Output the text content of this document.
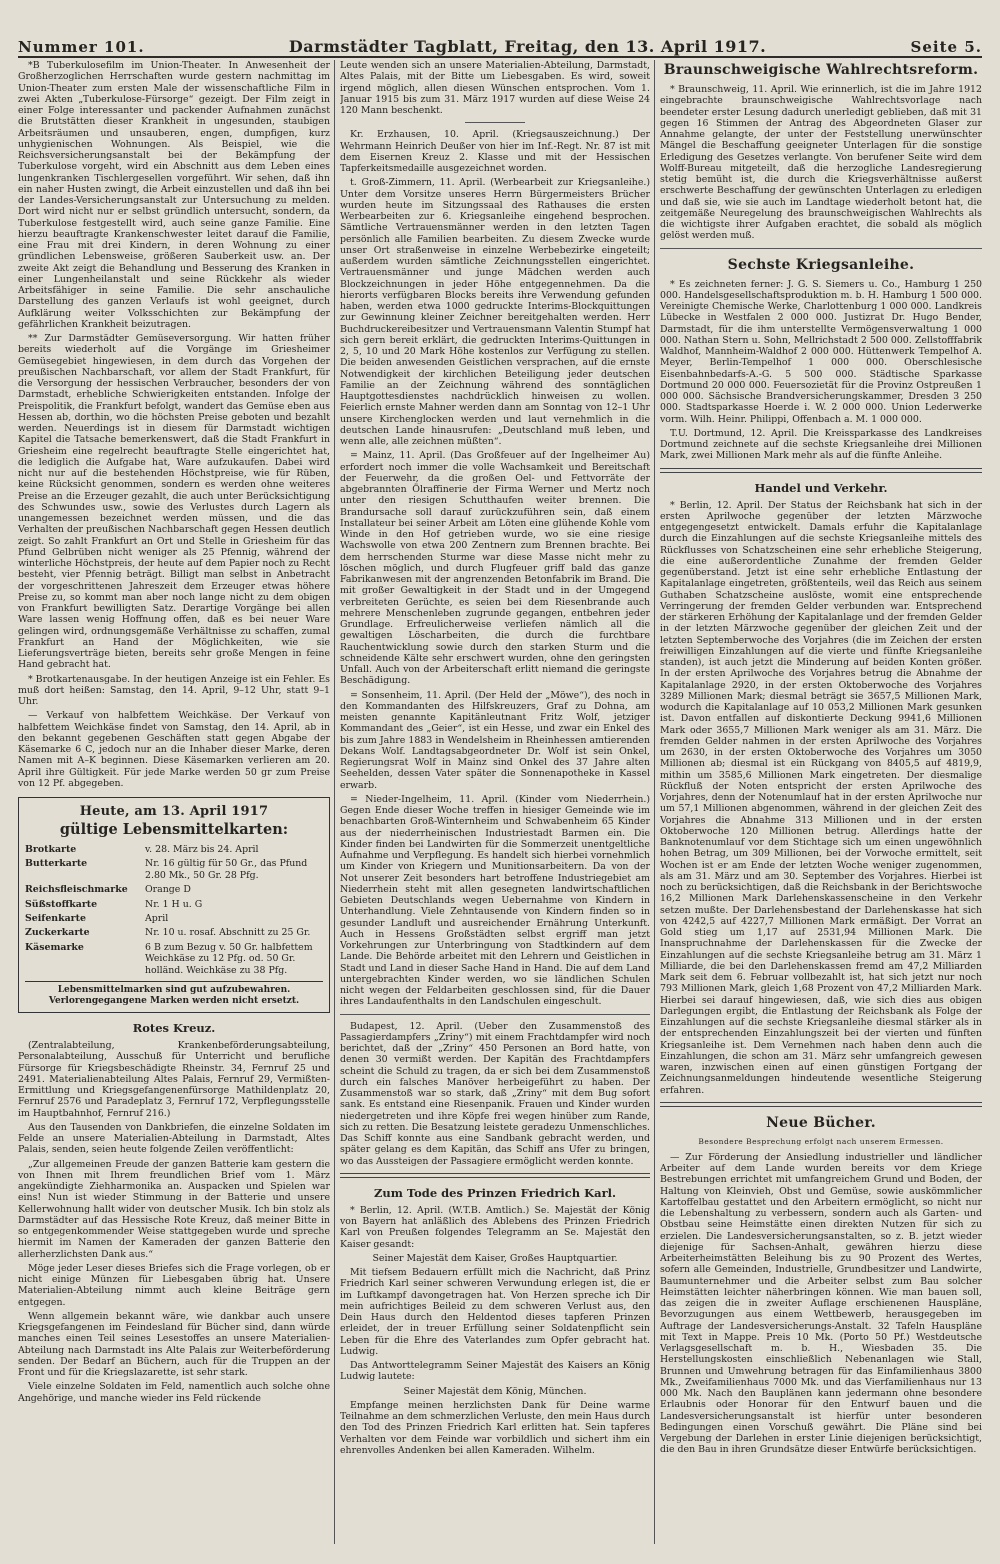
Nummer 101.	Darmstädter Tagblatt, Freitag, den 13. April 1917.	Seite 5.

*B Tuberkulosefilm im Union-Theater. In Anwesenheit der Großherzoglichen Herrschaften wurde gestern nachmittag im Union-Theater zum ersten Male der wissenschaftliche Film in zwei Akten „Tuberkulose-Fürsorge“ gezeigt. Der Film zeigt in einer Folge interessanter und packender Aufnahmen zunächst die Brutstätten dieser Krankheit in ungesunden, staubigen Arbeitsräumen und unsauberen, engen, dumpfigen, kurz unhygienischen Wohnungen. Als Beispiel, wie die Reichsversicherungsanstalt bei der Bekämpfung der Tuberkulose vorgeht, wird ein Abschnitt aus dem Leben eines lungenkranken Tischlergesellen vorgeführt. Wir sehen, daß ihn ein naher Husten zwingt, die Arbeit einzustellen und daß ihn bei der Landes-Versicherungsanstalt zur Untersuchung zu melden. Dort wird nicht nur er selbst gründlich untersucht, sondern, da Tuberkulose festgestellt wird, auch seine ganze Familie. Eine hierzu beauftragte Krankenschwester leitet darauf die Familie, eine Frau mit drei Kindern, in deren Wohnung zu einer gründlichen Lebensweise, größeren Sauberkeit usw. an. Der zweite Akt zeigt die Behandlung und Besserung des Kranken in einer Lungenheilanstalt und seine Rückkehr als wieder Arbeitsfähiger in seine Familie. Die sehr anschauliche Darstellung des ganzen Verlaufs ist wohl geeignet, durch Aufklärung weiter Volksschichten zur Bekämpfung der gefährlichen Krankheit beizutragen.

** Zur Darmstädter Gemüseversorgung. Wir hatten früher bereits wiederholt auf die Vorgänge im Griesheimer Gemüsegebiet hingewiesen, in dem durch das Vorgehen der preußischen Nachbarschaft, vor allem der Stadt Frankfurt, für die Versorgung der hessischen Verbraucher, besonders der von Darmstadt, erhebliche Schwierigkeiten entstanden. Infolge der Preispolitik, die Frankfurt befolgt, wandert das Gemüse eben aus Hessen ab, dorthin, wo die höchsten Preise geboten und bezahlt werden. Neuerdings ist in diesem für Darmstadt wichtigen Kapitel die Tatsache bemerkenswert, daß die Stadt Frankfurt in Griesheim eine regelrecht beauftragte Stelle eingerichtet hat, die lediglich die Aufgabe hat, Ware aufzukaufen. Dabei wird nicht nur auf die bestehenden Höchstpreise, wie für Rüben, keine Rücksicht genommen, sondern es werden ohne weiteres Preise an die Erzeuger gezahlt, die auch unter Berücksichtigung des Schwundes usw., sowie des Verlustes durch Lagern als unangemessen bezeichnet werden müssen, und die das Verhalten der preußischen Nachbarschaft gegen Hessen deutlich zeigt. So zahlt Frankfurt an Ort und Stelle in Griesheim für das Pfund Gelbrüben nicht weniger als 25 Pfennig, während der winterliche Höchstpreis, der heute auf dem Papier noch zu Recht besteht, vier Pfennig beträgt. Billigt man selbst in Anbetracht der vorgeschrittenen Jahreszeit dem Erzeuger etwas höhere Preise zu, so kommt man aber noch lange nicht zu dem obigen von Frankfurt bewilligten Satz. Derartige Vorgänge bei allen Ware lassen wenig Hoffnung offen, daß es bei neuer Ware gelingen wird, ordnungsgemäße Verhältnisse zu schaffen, zumal Frankfurt an Hand der Möglichkeiten, wie sie Lieferungsverträge bieten, bereits sehr große Mengen in feine Hand gebracht hat.

* Brotkartenausgabe. In der heutigen Anzeige ist ein Fehler. Es muß dort heißen: Samstag, den 14. April, 9–12 Uhr, statt 9–1 Uhr.

— Verkauf von halbfettem Weichkäse. Der Verkauf von halbfettem Weichkäse findet von Samstag, den 14. April, ab in den bekannt gegebenen Geschäften statt gegen Abgabe der Käsemarke 6 C, jedoch nur an die Inhaber dieser Marke, deren Namen mit A–K beginnen. Diese Käsemarken verlieren am 20. April ihre Gültigkeit. Für jede Marke werden 50 gr zum Preise von 12 Pf. abgegeben.

Heute, am 13. April 1917
gültige Lebensmittelkarten:
Brotkarte	v. 28. März bis 24. April
Butterkarte	Nr. 16 gültig für 50 Gr., das Pfund 2.80 Mk., 50 Gr. 28 Pfg.
Reichsfleischmarke	Orange D
Süßstoffkarte	Nr. 1 H u. G
Seifenkarte	April
Zuckerkarte	Nr. 10 u. rosaf. Abschnitt zu 25 Gr.
Käsemarke	6 B zum Bezug v. 50 Gr. halbfettem Weichkäse zu 12 Pfg. od. 50 Gr. holländ. Weichkäse zu 38 Pfg.
Lebensmittelmarken sind gut aufzubewahren.
Verlorengegangene Marken werden nicht ersetzt.
Rotes Kreuz.

(Zentralabteilung, Krankenbeförderungsabteilung, Personalabteilung, Ausschuß für Unterricht und berufliche Fürsorge für Kriegsbeschädigte Rheinstr. 34, Fernruf 25 und 2491. Materialienabteilung Altes Palais, Fernruf 29, Vermißten-Ermittlung und Kriegsgefangenenfürsorge Mathildenplatz 20, Fernruf 2576 und Paradeplatz 3, Fernruf 172, Verpflegungsstelle im Hauptbahnhof, Fernruf 216.)

Aus den Tausenden von Dankbriefen, die einzelne Soldaten im Felde an unsere Materialien-Abteilung in Darmstadt, Altes Palais, senden, seien heute folgende Zeilen veröffentlicht:

„Zur allgemeinen Freude der ganzen Batterie kam gestern die von Ihnen mit Ihrem freundlichen Brief vom 1. März angekündigte Ziehharmonika an. Auspacken und Spielen war eins! Nun ist wieder Stimmung in der Batterie und unsere Kellerwohnung hallt wider von deutscher Musik. Ich bin stolz als Darmstädter auf das Hessische Rote Kreuz, daß meiner Bitte in so entgegenkommender Weise stattgegeben wurde und spreche hiermit im Namen der Kameraden der ganzen Batterie den allerherzlichsten Dank aus.“

Möge jeder Leser dieses Briefes sich die Frage vorlegen, ob er nicht einige Münzen für Liebesgaben übrig hat. Unsere Materialien-Abteilung nimmt auch kleine Beiträge gern entgegen.

Wenn allgemein bekannt wäre, wie dankbar auch unsere Kriegsgefangenen im Feindesland für Bücher sind, dann würde manches einen Teil seines Lesestoffes an unsere Materialien-Abteilung nach Darmstadt ins Alte Palais zur Weiterbeförderung senden. Der Bedarf an Büchern, auch für die Truppen an der Front und für die Kriegslazarette, ist sehr stark.

Viele einzelne Soldaten im Feld, namentlich auch solche ohne Angehörige, und manche wieder ins Feld rückende

Leute wenden sich an unsere Materialien-Abteilung, Darmstadt, Altes Palais, mit der Bitte um Liebesgaben. Es wird, soweit irgend möglich, allen diesen Wünschen entsprochen. Vom 1. Januar 1915 bis zum 31. März 1917 wurden auf diese Weise 24 120 Mann beschenkt.

Kr. Erzhausen, 10. April. (Kriegsauszeichnung.) Der Wehrmann Heinrich Deußer von hier im Inf.-Regt. Nr. 87 ist mit dem Eisernen Kreuz 2. Klasse und mit der Hessischen Tapferkeitsmedaille ausgezeichnet worden.

t. Groß-Zimmern, 11. April. (Werbearbeit zur Kriegsanleihe.) Unter dem Vorsitze unseres Herrn Bürgermeisters Brücher wurden heute im Sitzungssaal des Rathauses die ersten Werbearbeiten zur 6. Kriegsanleihe eingehend besprochen. Sämtliche Vertrauensmänner werden in den letzten Tagen persönlich alle Familien bearbeiten. Zu diesem Zwecke wurde unser Ort straßenweise in einzelne Werbebezirke eingeteilt; außerdem wurden sämtliche Zeichnungsstellen eingerichtet. Vertrauensmänner und junge Mädchen werden auch Blockzeichnungen in jeder Höhe entgegennehmen. Da die hierorts verfügbaren Blocks bereits ihre Verwendung gefunden haben, werden etwa 1000 gedruckte Interims-Blockquittungen zur Gewinnung kleiner Zeichner bereitgehalten werden. Herr Buchdruckereibesitzer und Vertrauensmann Valentin Stumpf hat sich gern bereit erklärt, die gedruckten Interims-Quittungen in 2, 5, 10 und 20 Mark Höhe kostenlos zur Verfügung zu stellen. Die beiden anwesenden Geistlichen versprachen, auf die ernste Notwendigkeit der kirchlichen Beteiligung jeder deutschen Familie an der Zeichnung während des sonntäglichen Hauptgottesdienstes nachdrücklich hinweisen zu wollen. Feierlich ernste Mahner werden dann am Sonntag von 12–1 Uhr unsere Kirchenglocken werden und laut vernehmlich in die deutschen Lande hinausrufen: „Deutschland muß leben, und wenn alle, alle zeichnen müßten“.

= Mainz, 11. April. (Das Großfeuer auf der Ingelheimer Au) erfordert noch immer die volle Wachsamkeit und Bereitschaft der Feuerwehr, da die großen Oel- und Fettvorräte der abgebrannten Ölraffinerie der Firma Werner und Mertz noch unter den riesigen Schutthaufen weiter brennen. Die Brandursache soll darauf zurückzuführen sein, daß einem Installateur bei seiner Arbeit am Löten eine glühende Kohle vom Winde in den Hof getrieben wurde, wo sie eine riesige Wachswolle von etwa 200 Zentnern zum Brennen brachte. Bei dem herrschenden Sturme war diese Masse nicht mehr zu löschen möglich, und durch Flugfeuer griff bald das ganze Fabrikanwesen mit der angrenzenden Betonfabrik im Brand. Die mit großer Gewaltigkeit in der Stadt und in der Umgegend verbreiteten Gerüchte, es seien bei dem Riesenbrande auch mehrere Menschenleben zugrunde gegangen, entbehren jeder Grundlage. Erfreulicherweise verliefen nämlich all die gewaltigen Löscharbeiten, die durch die furchtbare Rauchentwicklung sowie durch den starken Sturm und die schneidende Kälte sehr erschwert wurden, ohne den geringsten Unfall. Auch von der Arbeiterschaft erlitt niemand die geringste Beschädigung.

= Sonsenheim, 11. April. (Der Held der „Möwe“), des noch in den Kommandanten des Hilfskreuzers, Graf zu Dohna, am meisten genannte Kapitänleutnant Fritz Wolf, jetziger Kommandant des „Geier“, ist ein Hesse, und zwar ein Enkel des bis zum Jahre 1883 in Wendelsheim in Rheinhessen amtierenden Dekans Wolf. Landtagsabgeordneter Dr. Wolf ist sein Onkel, Regierungsrat Wolf in Mainz sind Onkel des 37 Jahre alten Seehelden, dessen Vater später die Sonnenapotheke in Kassel erwarb.

= Nieder-Ingelheim, 11. April. (Kinder vom Niederrhein.) Gegen Ende dieser Woche treffen in hiesiger Gemeinde wie im benachbarten Groß-Winternheim und Schwabenheim 65 Kinder aus der niederrheinischen Industriestadt Barmen ein. Die Kinder finden bei Landwirten für die Sommerzeit unentgeltliche Aufnahme und Verpflegung. Es handelt sich hierbei vornehmlich um Kinder von Kriegern und Munitionsarbeitern. Da von der Not unserer Zeit besonders hart betroffene Industriegebiet am Niederrhein steht mit allen gesegneten landwirtschaftlichen Gebieten Deutschlands wegen Uebernahme von Kindern in Unterhandlung. Viele Zehntausende von Kindern finden so in gesunder Landluft und ausreichender Ernährung Unterkunft. Auch in Hessens Großstädten selbst ergriff man jetzt Vorkehrungen zur Unterbringung von Stadtkindern auf dem Lande. Die Behörde arbeitet mit den Lehrern und Geistlichen in Stadt und Land in dieser Sache Hand in Hand. Die auf dem Land untergebrachten Kinder werden, wo sie ländlichen Schulen nicht wegen der Feldarbeiten geschlossen sind, für die Dauer ihres Landaufenthalts in den Landschulen eingeschult.

Budapest, 12. April. (Ueber den Zusammenstoß des Passagierdampfers „Zriny“) mit einem Frachtdampfer wird noch berichtet, daß der „Zriny“ 450 Personen an Bord hatte, von denen 30 vermißt werden. Der Kapitän des Frachtdampfers scheint die Schuld zu tragen, da er sich bei dem Zusammenstoß durch ein falsches Manöver herbeigeführt zu haben. Der Zusammenstoß war so stark, daß „Zriny“ mit dem Bug sofort sank. Es entstand eine Riesenpanik. Frauen und Kinder wurden niedergetreten und ihre Köpfe frei wegen hinüber zum Rande, sich zu retten. Die Besatzung leistete geradezu Unmenschliches. Das Schiff konnte aus eine Sandbank gebracht werden, und später gelang es dem Kapitän, das Schiff ans Ufer zu bringen, wo das Aussteigen der Passagiere ermöglicht werden konnte.

Zum Tode des Prinzen Friedrich Karl.

* Berlin, 12. April. (W.T.B. Amtlich.) Se. Majestät der König von Bayern hat anläßlich des Ablebens des Prinzen Friedrich Karl von Preußen folgendes Telegramm an Se. Majestät den Kaiser gesandt:

Seiner Majestät dem Kaiser, Großes Hauptquartier.

Mit tiefsem Bedauern erfüllt mich die Nachricht, daß Prinz Friedrich Karl seiner schweren Verwundung erlegen ist, die er im Luftkampf davongetragen hat. Von Herzen spreche ich Dir mein aufrichtiges Beileid zu dem schweren Verlust aus, den Dein Haus durch den Heldentod dieses tapferen Prinzen erleidet, der in treuer Erfüllung seiner Soldatenpflicht sein Leben für die Ehre des Vaterlandes zum Opfer gebracht hat. Ludwig.

Das Antworttelegramm Seiner Majestät des Kaisers an König Ludwig lautete:

Seiner Majestät dem König, München.

Empfange meinen herzlichsten Dank für Deine warme Teilnahme an dem schmerzlichen Verluste, den mein Haus durch den Tod des Prinzen Friedrich Karl erlitten hat. Sein tapferes Verhalten vor dem Feinde war vorbildlich und sichert ihm ein ehrenvolles Andenken bei allen Kameraden. Wilhelm.

Braunschweigische Wahlrechtsreform.

* Braunschweig, 11. April. Wie erinnerlich, ist die im Jahre 1912 eingebrachte braunschweigische Wahlrechtsvorlage nach beendeter erster Lesung dadurch unerledigt geblieben, daß mit 31 gegen 16 Stimmen der Antrag des Abgeordneten Glaser zur Annahme gelangte, der unter der Feststellung unerwünschter Mängel die Beschaffung geeigneter Unterlagen für die sonstige Erledigung des Gesetzes verlangte. Von berufener Seite wird dem Wolff-Bureau mitgeteilt, daß die herzogliche Landesregierung stetig bemüht ist, die durch die Kriegsverhältnisse außerst erschwerte Beschaffung der gewünschten Unterlagen zu erledigen und daß sie, wie sie auch im Landtage wiederholt betont hat, die zeitgemäße Neuregelung des braunschweigischen Wahlrechts als die wichtigste ihrer Aufgaben erachtet, die sobald als möglich gelöst werden muß.

Sechste Kriegsanleihe.

* Es zeichneten ferner: J. G. S. Siemers u. Co., Hamburg 1 250 000. Handelsgesellschaftsproduktion m. b. H. Hamburg 1 500 000. Vereinigte Chemische Werke, Charlottenburg 1 000 000. Landkreis Lübecke in Westfalen 2 000 000. Justizrat Dr. Hugo Bender, Darmstadt, für die ihm unterstellte Vermögensverwaltung 1 000 000. Nathan Stern u. Sohn, Mellrichstadt 2 500 000. Zellstofffabrik Waldhof, Mannheim-Waldhof 2 000 000. Hüttenwerk Tempelhof A. Meyer, Berlin-Tempelhof 1 000 000. Oberschlesische Eisenbahnbedarfs-A.-G. 5 500 000. Städtische Sparkasse Dortmund 20 000 000. Feuersozietät für die Provinz Ostpreußen 1 000 000. Sächsische Brandversicherungskammer, Dresden 3 250 000. Stadtsparkasse Hoerde i. W. 2 000 000. Union Lederwerke vorm. Wilh. Heinr. Philippi, Offenbach a. M. 1 000 000.

T.U. Dortmund, 12. April. Die Kreissparkasse des Landkreises Dortmund zeichnete auf die sechste Kriegsanleihe drei Millionen Mark, zwei Millionen Mark mehr als auf die fünfte Anleihe.

Handel und Verkehr.

* Berlin, 12. April. Der Status der Reichsbank hat sich in der ersten Aprilwoche gegenüber der letzten Märzwoche entgegengesetzt entwickelt. Damals erfuhr die Kapitalanlage durch die Einzahlungen auf die sechste Kriegsanleihe mittels des Rückflusses von Schatzscheinen eine sehr erhebliche Steigerung, die eine außerordentliche Zunahme der fremden Gelder gegenüberstand. Jetzt ist eine sehr erhebliche Entlastung der Kapitalanlage eingetreten, größtenteils, weil das Reich aus seinem Guthaben Schatzscheine auslöste, womit eine entsprechende Verringerung der fremden Gelder verbunden war. Entsprechend der stärkeren Erhöhung der Kapitalanlage und der fremden Gelder in der letzten Märzwoche gegenüber der gleichen Zeit und der letzten Septemberwoche des Vorjahres (die im Zeichen der ersten freiwilligen Einzahlungen auf die vierte und fünfte Kriegsanleihe standen), ist auch jetzt die Minderung auf beiden Konten größer. In der ersten Aprilwoche des Vorjahres betrug die Abnahme der Kapitalanlage 2920, in der ersten Oktoberwoche des Vorjahres 3289 Millionen Mark; diesmal beträgt sie 3657,5 Millionen Mark, wodurch die Kapitalanlage auf 10 053,2 Millionen Mark gesunken ist. Davon entfallen auf diskontierte Deckung 9941,6 Millionen Mark oder 3655,7 Millionen Mark weniger als am 31. März. Die fremden Gelder nahmen in der ersten Aprilwoche des Vorjahres um 2630, in der ersten Oktoberwoche des Vorjahres um 3050 Millionen ab; diesmal ist ein Rückgang von 8405,5 auf 4819,9, mithin um 3585,6 Millionen Mark eingetreten. Der diesmalige Rückfluß der Noten entspricht der ersten Aprilwoche des Vorjahres, denn der Notenumlauf hat in der ersten Aprilwoche nur um 57,1 Millionen abgenommen, während in der gleichen Zeit des Vorjahres die Abnahme 313 Millionen und in der ersten Oktoberwoche 120 Millionen betrug. Allerdings hatte der Banknotenumlauf vor dem Stichtage sich um einen ungewöhnlich hohen Betrag, um 309 Millionen, bei der Vorwoche ermittelt, seit Wochen ist er am Ende der letzten Woche weniger zugenommen, als am 31. März und am 30. September des Vorjahres. Hierbei ist noch zu berücksichtigen, daß die Reichsbank in der Berichtswoche 16,2 Millionen Mark Darlehenskassenscheine in den Verkehr setzen mußte. Der Darlehensbestand der Darlehenskasse hat sich von 4242,5 auf 4227,7 Millionen Mark ermäßigt. Der Vorrat an Gold stieg um 1,17 auf 2531,94 Millionen Mark. Die Inanspruchnahme der Darlehenskassen für die Zwecke der Einzahlungen auf die sechste Kriegsanleihe betrug am 31. März 1 Milliarde, die bei den Darlehenskassen fremd am 47,2 Milliarden Mark seit dem 6. Februar vollbezahlt ist, hat sich jetzt nur noch 793 Millionen Mark, gleich 1,68 Prozent von 47,2 Milliarden Mark. Hierbei sei darauf hingewiesen, daß, wie sich dies aus obigen Darlegungen ergibt, die Entlastung der Reichsbank als Folge der Einzahlungen auf die sechste Kriegsanleihe diesmal stärker als in der entsprechenden Einzahlungszeit bei der vierten und fünften Kriegsanleihe ist. Dem Vernehmen nach haben denn auch die Einzahlungen, die schon am 31. März sehr umfangreich gewesen waren, inzwischen einen auf einen günstigen Fortgang der Zeichnungsanmeldungen hindeutende wesentliche Steigerung erfahren.

Neue Bücher.
Besondere Besprechung erfolgt nach unserem Ermessen.

— Zur Förderung der Ansiedlung industrieller und ländlicher Arbeiter auf dem Lande wurden bereits vor dem Kriege Bestrebungen errichtet mit umfangreichem Grund und Boden, der Haltung von Kleinvieh, Obst und Gemüse, sowie auskömmlicher Kartoffelbau gestattet und den Arbeitern ermöglicht, so nicht nur die Lebenshaltung zu verbessern, sondern auch als Garten- und Obstbau seine Heimstätte einen direkten Nutzen für sich zu erzielen. Die Landesversicherungsanstalten, so z. B. jetzt wieder diejenige für Sachsen-Anhalt, gewähren hierzu diese Arbeiterheimstätten Beleihung bis zu 90 Prozent des Wertes, sofern alle Gemeinden, Industrielle, Grundbesitzer und Landwirte, Baumunternehmer und die Arbeiter selbst zum Bau solcher Heimstätten leichter näherbringen können. Wie man bauen soll, das zeigen die in zweiter Auflage erschienenen Hauspläne, Bevorzugungen aus einem Wettbewerb, herausgegeben im Auftrage der Landesversicherungs-Anstalt. 32 Tafeln Hauspläne mit Text in Mappe. Preis 10 Mk. (Porto 50 Pf.) Westdeutsche Verlagsgesellschaft m. b. H., Wiesbaden 35. Die Herstellungskosten einschließlich Nebenanlagen wie Stall, Brunnen und Umwehrung betragen für das Einfamilienhaus 3800 Mk., Zweifamilienhaus 7000 Mk. und das Vierfamilienhaus nur 13 000 Mk. Nach den Bauplänen kann jedermann ohne besondere Erlaubnis oder Honorar für den Entwurf bauen und die Landesversicherungsanstalt ist hierfür unter besonderen Bedingungen einen Vorschuß gewährt. Die Pläne sind bei Vergebung der Darlehen in erster Linie diejenigen berücksichtigt, die den Bau in ihren Grundsätze dieser Entwürfe berücksichtigen.
